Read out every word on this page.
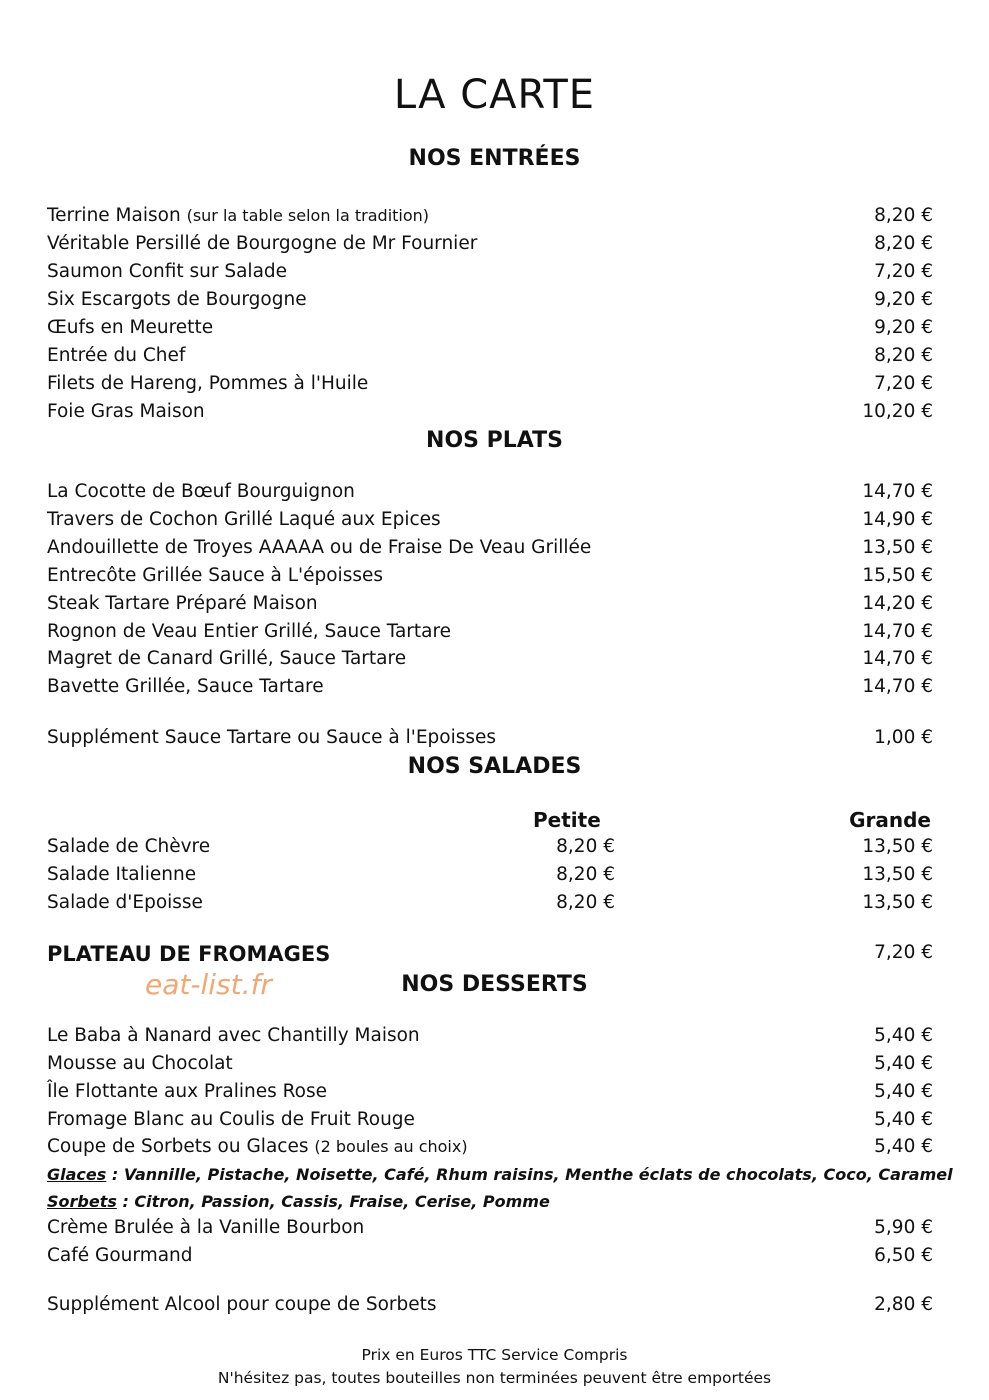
LA CARTE
NOS ENTRÉES
Terrine Maison (sur la table selon la tradition)	8,20 €
Véritable Persillé de Bourgogne de Mr Fournier	8,20 €
Saumon Confit sur Salade	7,20 €
Six Escargots de Bourgogne	9,20 €
Œufs en Meurette	9,20 €
Entrée du Chef	8,20 €
Filets de Hareng, Pommes à l'Huile	7,20 €
Foie Gras Maison	10,20 €
NOS PLATS
La Cocotte de Bœuf Bourguignon	14,70 €
Travers de Cochon Grillé Laqué aux Epices	14,90 €
Andouillette de Troyes AAAAA ou de Fraise De Veau Grillée	13,50 €
Entrecôte Grillée Sauce à L'époisses	15,50 €
Steak Tartare Préparé Maison	14,20 €
Rognon de Veau Entier Grillé, Sauce Tartare	14,70 €
Magret de Canard Grillé, Sauce Tartare	14,70 €
Bavette Grillée, Sauce Tartare	14,70 €
Supplément Sauce Tartare ou Sauce à l'Epoisses	1,00 €
NOS SALADES
Petite	Grande
Salade de Chèvre	8,20 €	13,50 €
Salade Italienne	8,20 €	13,50 €
Salade d'Epoisse	8,20 €	13,50 €
PLATEAU DE FROMAGES	7,20 €
eat-list.fr	NOS DESSERTS
Le Baba à Nanard avec Chantilly Maison	5,40 €
Mousse au Chocolat	5,40 €
Île Flottante aux Pralines Rose	5,40 €
Fromage Blanc au Coulis de Fruit Rouge	5,40 €
Coupe de Sorbets ou Glaces (2 boules au choix)	5,40 €
Glaces : Vannille, Pistache, Noisette, Café, Rhum raisins, Menthe éclats de chocolats, Coco, Caramel
Sorbets : Citron, Passion, Cassis, Fraise, Cerise, Pomme
Crème Brulée à la Vanille Bourbon	5,90 €
Café Gourmand	6,50 €
Supplément Alcool pour coupe de Sorbets	2,80 €
Prix en Euros TTC Service Compris
N'hésitez pas, toutes bouteilles non terminées peuvent être emportées
